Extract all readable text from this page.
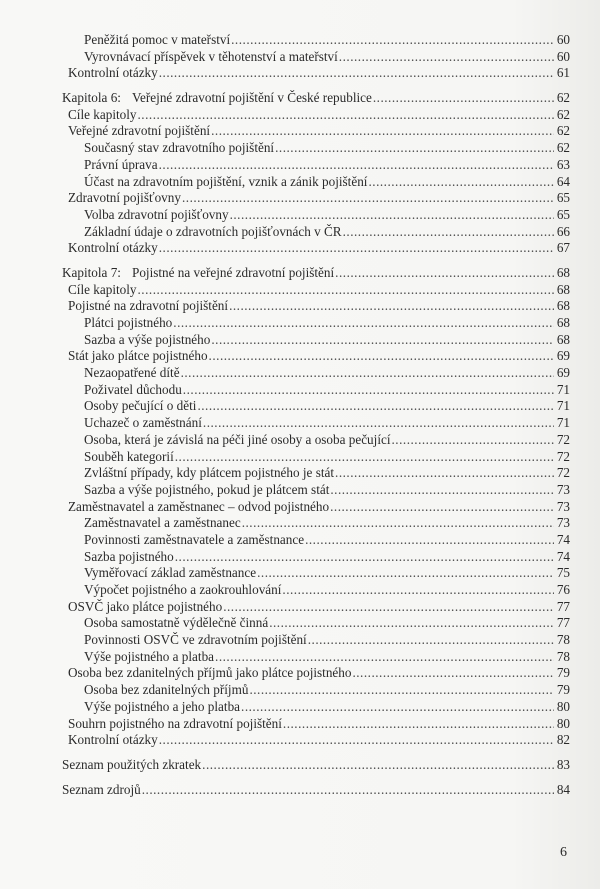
Peněžitá pomoc v mateřství .....	60
Vyrovnávací příspěvek v těhotenství a mateřství .....	60
Kontrolní otázky .....	61
Kapitola 6: Veřejné zdravotní pojištění v České republice .....	62
Cíle kapitoly .....	62
Veřejné zdravotní pojištění .....	62
Současný stav zdravotního pojištění .....	62
Právní úprava .....	63
Účast na zdravotním pojištění, vznik a zánik pojištění .....	64
Zdravotní pojišťovny .....	65
Volba zdravotní pojišťovny .....	65
Základní údaje o zdravotních pojišťovnách v ČR .....	66
Kontrolní otázky .....	67
Kapitola 7: Pojistné na veřejné zdravotní pojištění .....	68
Cíle kapitoly .....	68
Pojistné na zdravotní pojištění .....	68
Plátci pojistného .....	68
Sazba a výše pojistného .....	68
Stát jako plátce pojistného .....	69
Nezaopatřené dítě .....	69
Poživatel důchodu .....	71
Osoby pečující o děti .....	71
Uchazeč o zaměstnání .....	71
Osoba, která je závislá na péči jiné osoby a osoba pečující .....	72
Souběh kategorií .....	72
Zvláštní případy, kdy plátcem pojistného je stát .....	72
Sazba a výše pojistného, pokud je plátcem stát .....	73
Zaměstnavatel a zaměstnanec – odvod pojistného .....	73
Zaměstnavatel a zaměstnanec .....	73
Povinnosti zaměstnavatele a zaměstnance .....	74
Sazba pojistného .....	74
Vyměřovací základ zaměstnance .....	75
Výpočet pojistného a zaokrouhlování .....	76
OSVČ jako plátce pojistného .....	77
Osoba samostatně výdělečně činná .....	77
Povinnosti OSVČ ve zdravotním pojištění .....	78
Výše pojistného a platba .....	78
Osoba bez zdanitelných příjmů jako plátce pojistného .....	79
Osoba bez zdanitelných příjmů .....	79
Výše pojistného a jeho platba .....	80
Souhrn pojistného na zdravotní pojištění .....	80
Kontrolní otázky .....	82
Seznam použitých zkratek .....	83
Seznam zdrojů .....	84
6
